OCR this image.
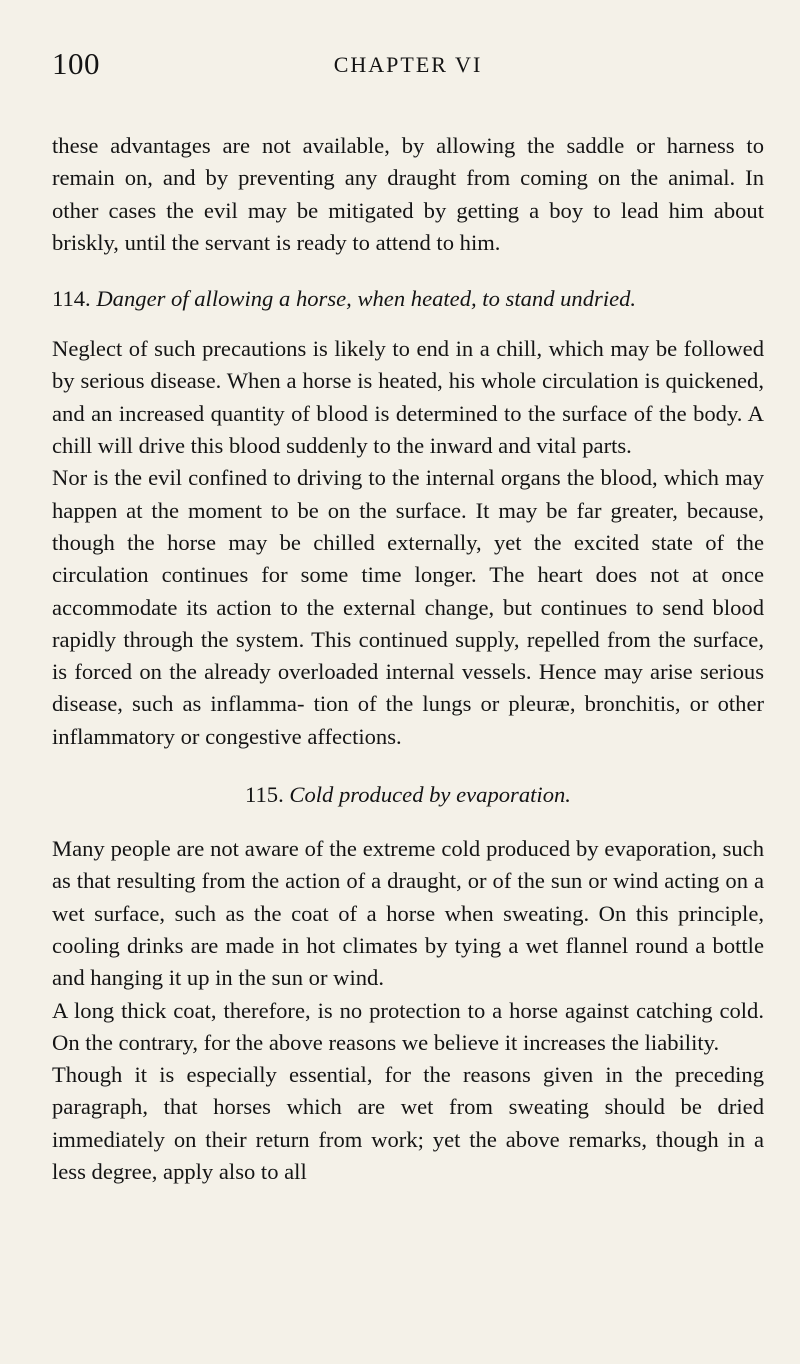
100	CHAPTER VI

these advantages are not available, by allowing the saddle or harness to remain on, and by preventing any draught from coming on the animal. In other cases the evil may be mitigated by getting a boy to lead him about briskly, until the servant is ready to attend to him.

114. Danger of allowing a horse, when heated, to stand undried.

Neglect of such precautions is likely to end in a chill, which may be followed by serious disease. When a horse is heated, his whole circulation is quickened, and an increased quantity of blood is determined to the surface of the body. A chill will drive this blood suddenly to the inward and vital parts.

Nor is the evil confined to driving to the internal organs the blood, which may happen at the moment to be on the surface. It may be far greater, because, though the horse may be chilled externally, yet the excited state of the circulation continues for some time longer. The heart does not at once accommodate its action to the external change, but continues to send blood rapidly through the system. This continued supply, repelled from the surface, is forced on the already overloaded internal vessels. Hence may arise serious disease, such as inflamma- tion of the lungs or pleuræ, bronchitis, or other inflammatory or congestive affections.

115. Cold produced by evaporation.

Many people are not aware of the extreme cold produced by evaporation, such as that resulting from the action of a draught, or of the sun or wind acting on a wet surface, such as the coat of a horse when sweating. On this principle, cooling drinks are made in hot climates by tying a wet flannel round a bottle and hanging it up in the sun or wind.

A long thick coat, therefore, is no protection to a horse against catching cold. On the contrary, for the above reasons we believe it increases the liability.

Though it is especially essential, for the reasons given in the preceding paragraph, that horses which are wet from sweating should be dried immediately on their return from work; yet the above remarks, though in a less degree, apply also to all
